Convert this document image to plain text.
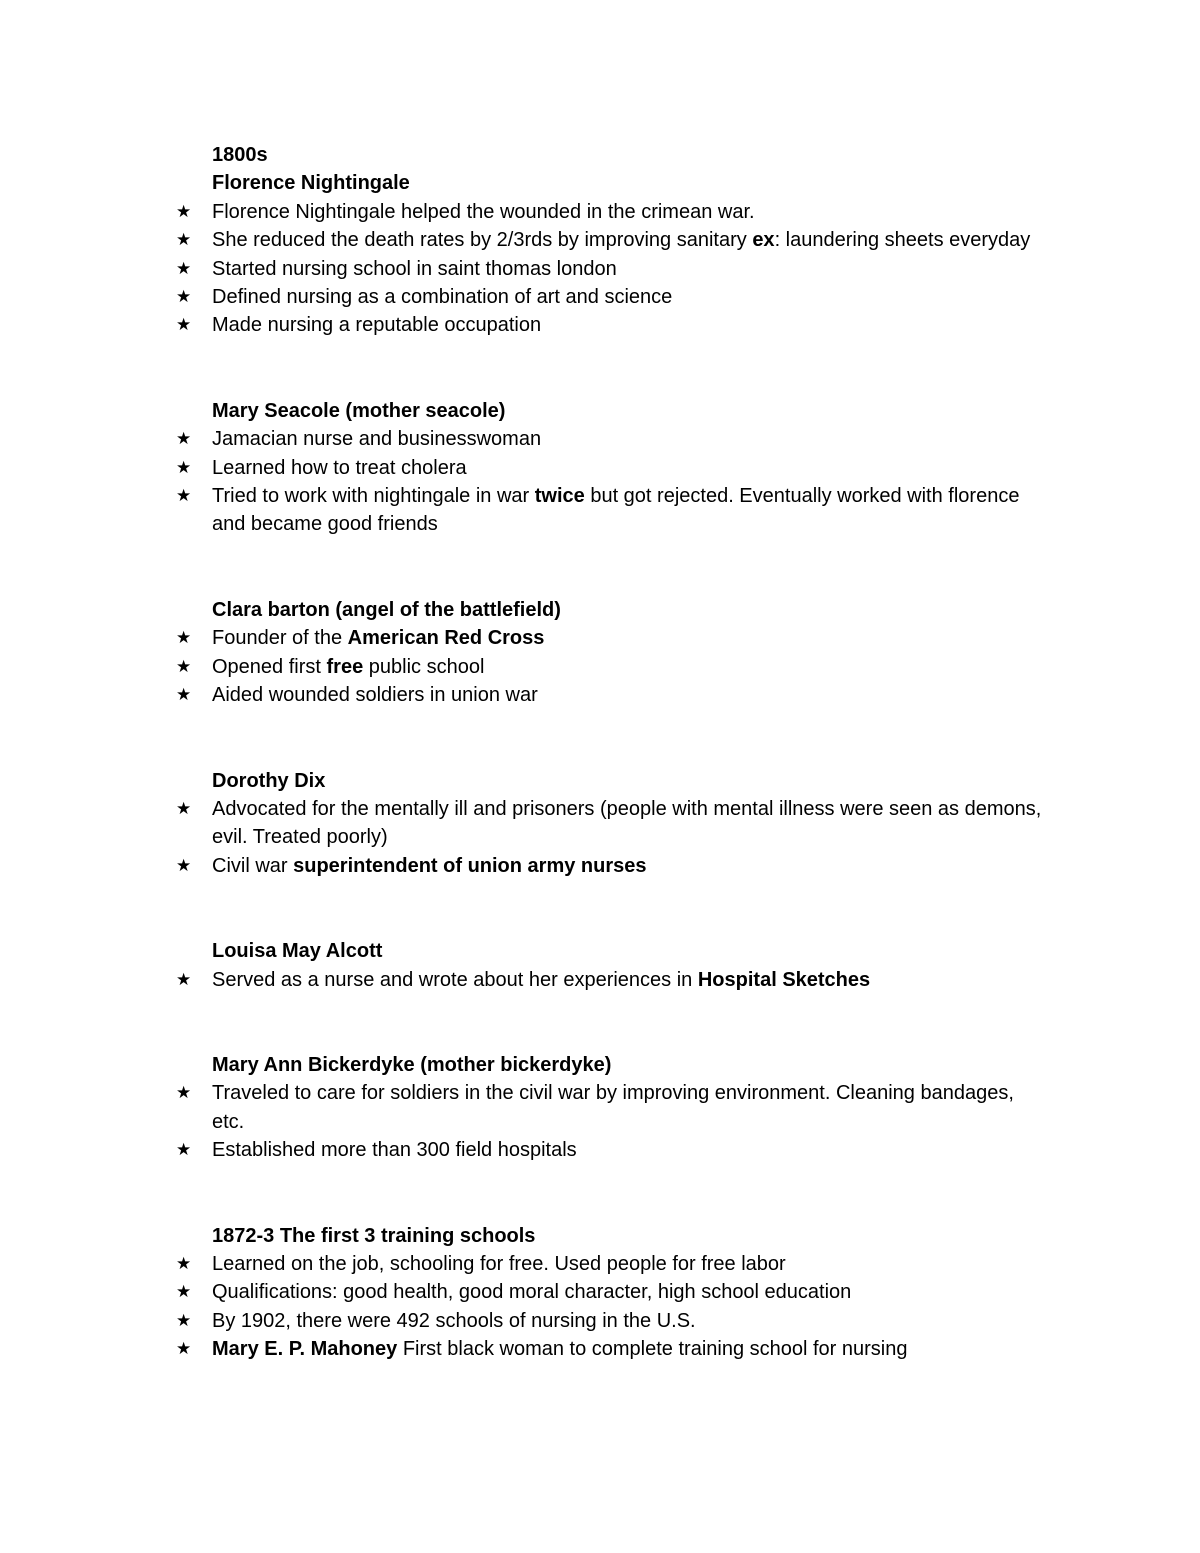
1800s

Florence Nightingale

★ Florence Nightingale helped the wounded in the crimean war.
★ She reduced the death rates by 2/3rds by improving sanitary ex: laundering sheets everyday
★ Started nursing school in saint thomas london
★ Defined nursing as a combination of art and science
★ Made nursing a reputable occupation

Mary Seacole (mother seacole)

★ Jamacian nurse and businesswoman
★ Learned how to treat cholera
★ Tried to work with nightingale in war twice but got rejected. Eventually worked with florence and became good friends

Clara barton (angel of the battlefield)

★ Founder of the American Red Cross
★ Opened first free public school
★ Aided wounded soldiers in union war

Dorothy Dix

★ Advocated for the mentally ill and prisoners (people with mental illness were seen as demons, evil. Treated poorly)
★ Civil war superintendent of union army nurses

Louisa May Alcott

★ Served as a nurse and wrote about her experiences in Hospital Sketches

Mary Ann Bickerdyke (mother bickerdyke)

★ Traveled to care for soldiers in the civil war by improving environment. Cleaning bandages, etc.
★ Established more than 300 field hospitals

1872-3 The first 3 training schools

★ Learned on the job, schooling for free. Used people for free labor
★ Qualifications: good health, good moral character, high school education
★ By 1902, there were 492 schools of nursing in the U.S.
★ Mary E. P. Mahoney First black woman to complete training school for nursing
